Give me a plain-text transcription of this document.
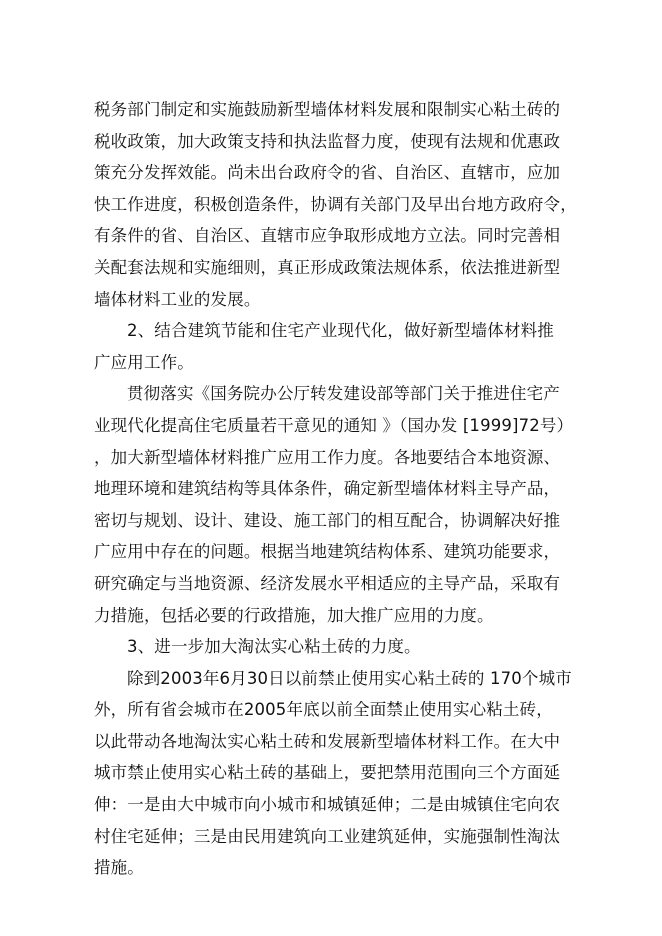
税务部门制定和实施鼓励新型墙体材料发展和限制实心粘土砖的
税收政策，加大政策支持和执法监督力度，使现有法规和优惠政
策充分发挥效能。尚未出台政府令的省、自治区、直辖市，应加
快工作进度，积极创造条件，协调有关部门及早出台地方政府令，
有条件的省、自治区、直辖市应争取形成地方立法。同时完善相
关配套法规和实施细则，真正形成政策法规体系，依法推进新型
墙体材料工业的发展。
2、结合建筑节能和住宅产业现代化，做好新型墙体材料推
广应用工作。
贯彻落实《国务院办公厅转发建设部等部门关于推进住宅产
业现代化提高住宅质量若干意见的通知 》（国办发 [1999]72号）
，加大新型墙体材料推广应用工作力度。各地要结合本地资源、
地理环境和建筑结构等具体条件，确定新型墙体材料主导产品，
密切与规划、设计、建设、施工部门的相互配合，协调解决好推
广应用中存在的问题。根据当地建筑结构体系、建筑功能要求，
研究确定与当地资源、经济发展水平相适应的主导产品，采取有
力措施，包括必要的行政措施，加大推广应用的力度。
3、进一步加大淘汰实心粘土砖的力度。
除到2003年6月30日以前禁止使用实心粘土砖的 170个城市
外，所有省会城市在2005年底以前全面禁止使用实心粘土砖，
以此带动各地淘汰实心粘土砖和发展新型墙体材料工作。在大中
城市禁止使用实心粘土砖的基础上，要把禁用范围向三个方面延
伸：一是由大中城市向小城市和城镇延伸；二是由城镇住宅向农
村住宅延伸；三是由民用建筑向工业建筑延伸，实施强制性淘汰
措施。
